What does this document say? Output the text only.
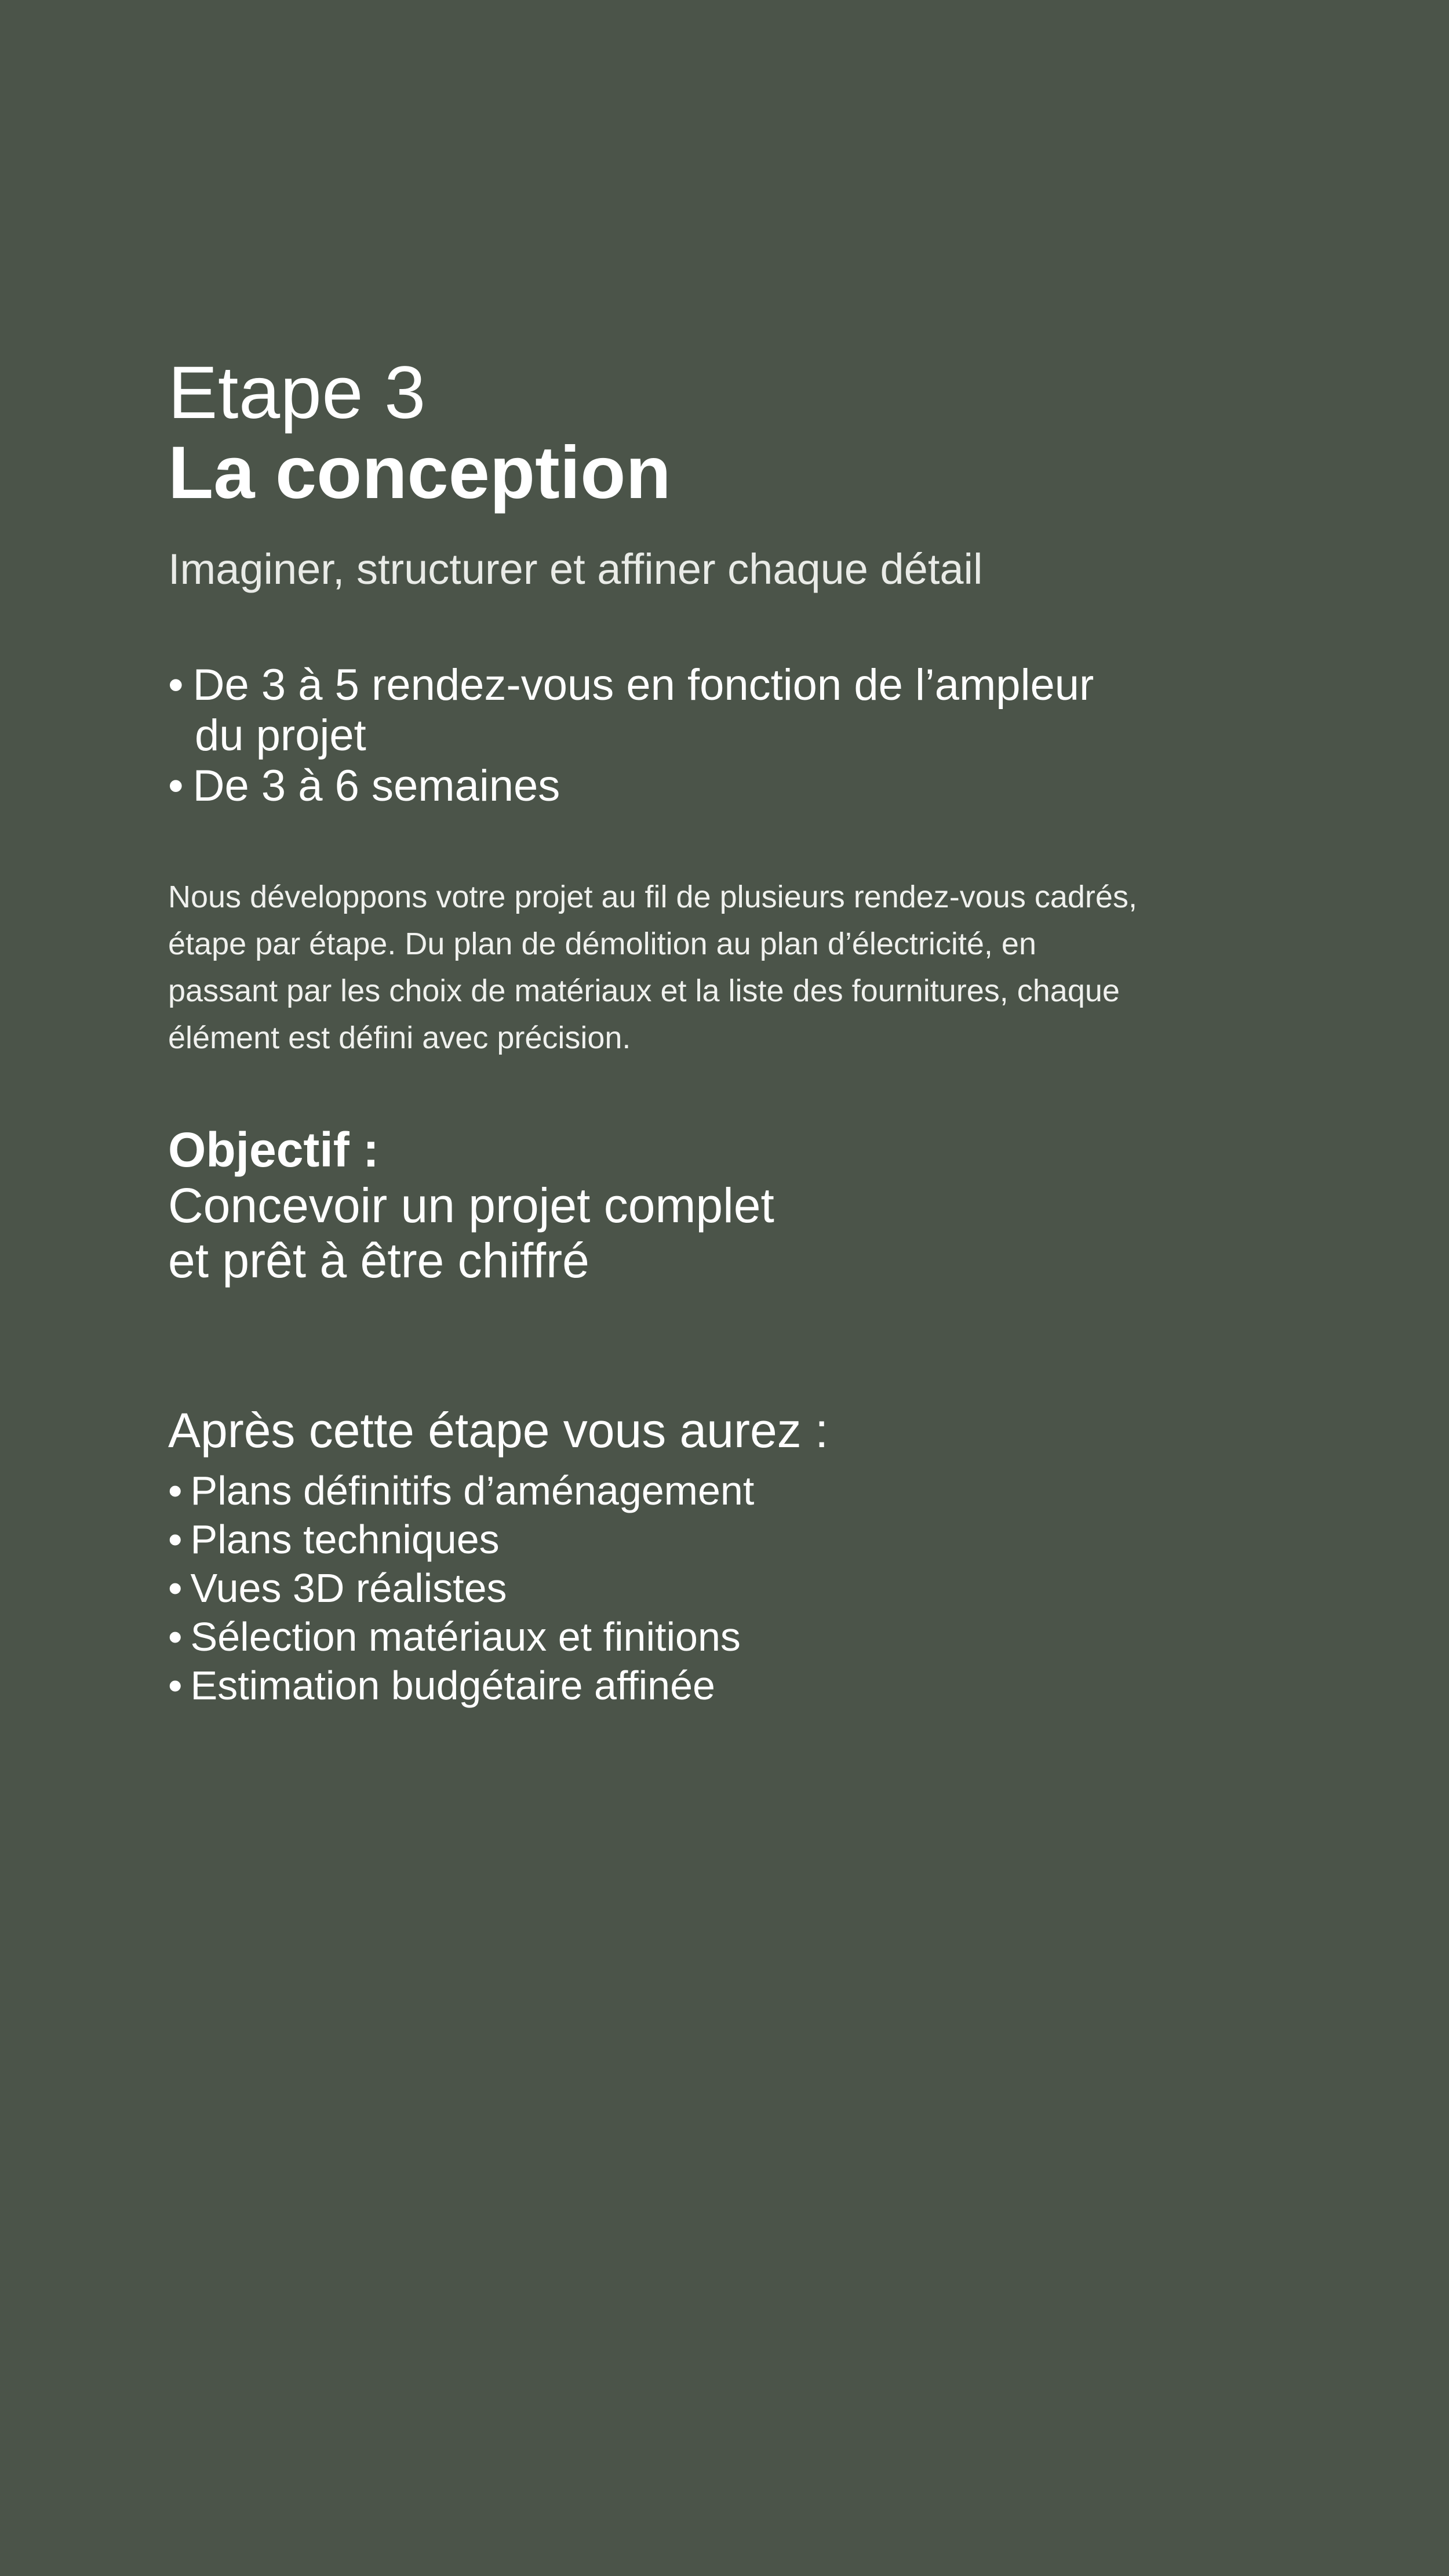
Etape 3
La conception
Imaginer, structurer et affiner chaque détail
• De 3 à 5 rendez-vous en fonction de l’ampleur du projet
• De 3 à 6 semaines

Nous développons votre projet au fil de plusieurs rendez-vous cadrés, étape par étape. Du plan de démolition au plan d’électricité, en passant par les choix de matériaux et la liste des fournitures, chaque élément est défini avec précision.

Objectif :
Concevoir un projet complet
et prêt à être chiffré
Après cette étape vous aurez :
• Plans définitifs d’aménagement
• Plans techniques
• Vues 3D réalistes
• Sélection matériaux et finitions
• Estimation budgétaire affinée
